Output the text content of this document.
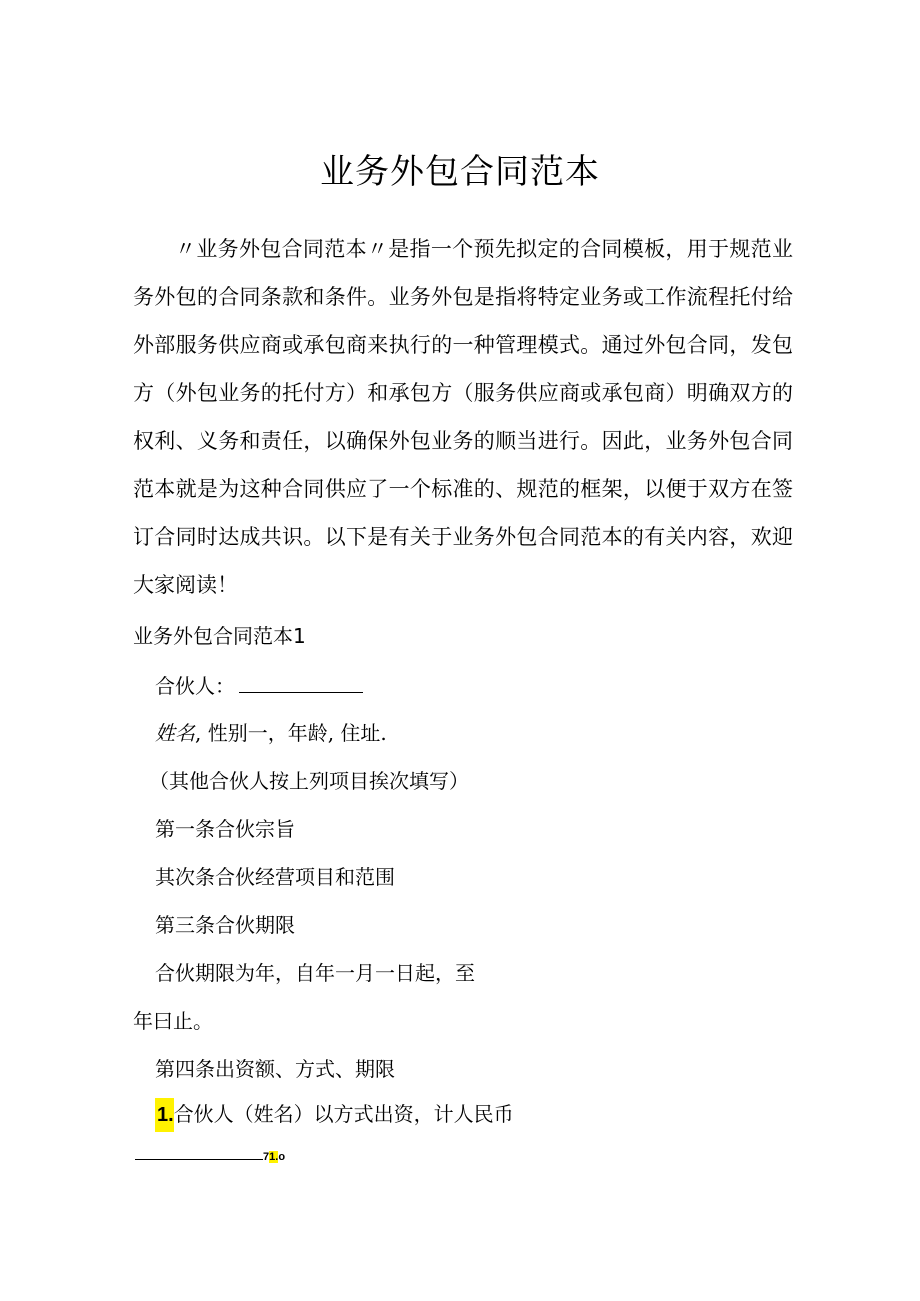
业务外包合同范本

〃业务外包合同范本〃是指一个预先拟定的合同模板，用于规范业务外包的合同条款和条件。业务外包是指将特定业务或工作流程托付给外部服务供应商或承包商来执行的一种管理模式。通过外包合同，发包方（外包业务的托付方）和承包方（服务供应商或承包商）明确双方的权利、义务和责任，以确保外包业务的顺当进行。因此，业务外包合同范本就是为这种合同供应了一个标准的、规范的框架，以便于双方在签订合同时达成共识。以下是有关于业务外包合同范本的有关内容，欢迎大家阅读！

业务外包合同范本1
合伙人：
姓名, 性别一，年龄, 住址.
（其他合伙人按上列项目挨次填写）
第一条合伙宗旨
其次条合伙经营项目和范围
第三条合伙期限
合伙期限为年，自年一月一日起，至
年曰止。
第四条出资额、方式、期限
1.合伙人（姓名）以方式出资，计人民币
71.o
